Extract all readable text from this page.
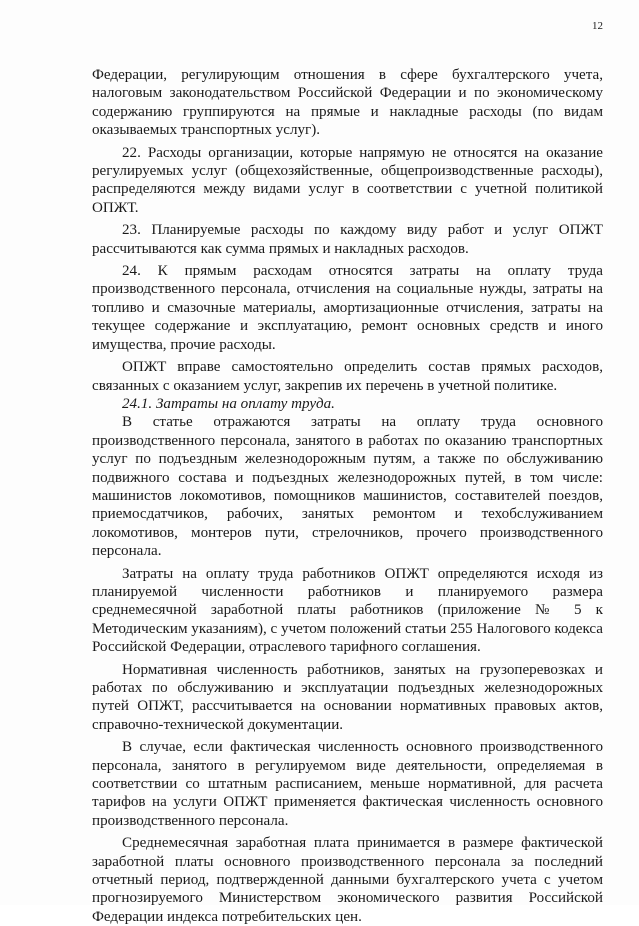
12

Федерации, регулирующим отношения в сфере бухгалтерского учета, налоговым законодательством Российской Федерации и по экономическому содержанию группируются на прямые и накладные расходы (по видам оказываемых транспортных услуг).

22. Расходы организации, которые напрямую не относятся на оказание регулируемых услуг (общехозяйственные, общепроизводственные расходы), распределяются между видами услуг в соответствии с учетной политикой ОПЖТ.

23. Планируемые расходы по каждому виду работ и услуг ОПЖТ рассчитываются как сумма прямых и накладных расходов.

24. К прямым расходам относятся затраты на оплату труда производственного персонала, отчисления на социальные нужды, затраты на топливо и смазочные материалы, амортизационные отчисления, затраты на текущее содержание и эксплуатацию, ремонт основных средств и иного имущества, прочие расходы.

ОПЖТ вправе самостоятельно определить состав прямых расходов, связанных с оказанием услуг, закрепив их перечень в учетной политике.

24.1. Затраты на оплату труда.

В статье отражаются затраты на оплату труда основного производственного персонала, занятого в работах по оказанию транспортных услуг по подъездным железнодорожным путям, а также по обслуживанию подвижного состава и подъездных железнодорожных путей, в том числе: машинистов локомотивов, помощников машинистов, составителей поездов, приемосдатчиков, рабочих, занятых ремонтом и техобслуживанием локомотивов, монтеров пути, стрелочников, прочего производственного персонала.

Затраты на оплату труда работников ОПЖТ определяются исходя из планируемой численности работников и планируемого размера среднемесячной заработной платы работников (приложение № 5 к Методическим указаниям), с учетом положений статьи 255 Налогового кодекса Российской Федерации, отраслевого тарифного соглашения.

Нормативная численность работников, занятых на грузоперевозках и работах по обслуживанию и эксплуатации подъездных железнодорожных путей ОПЖТ, рассчитывается на основании нормативных правовых актов, справочно-технической документации.

В случае, если фактическая численность основного производственного персонала, занятого в регулируемом виде деятельности, определяемая в соответствии со штатным расписанием, меньше нормативной, для расчета тарифов на услуги ОПЖТ применяется фактическая численность основного производственного персонала.

Среднемесячная заработная плата принимается в размере фактической заработной платы основного производственного персонала за последний отчетный период, подтвержденной данными бухгалтерского учета с учетом прогнозируемого Министерством экономического развития Российской Федерации индекса потребительских цен.
